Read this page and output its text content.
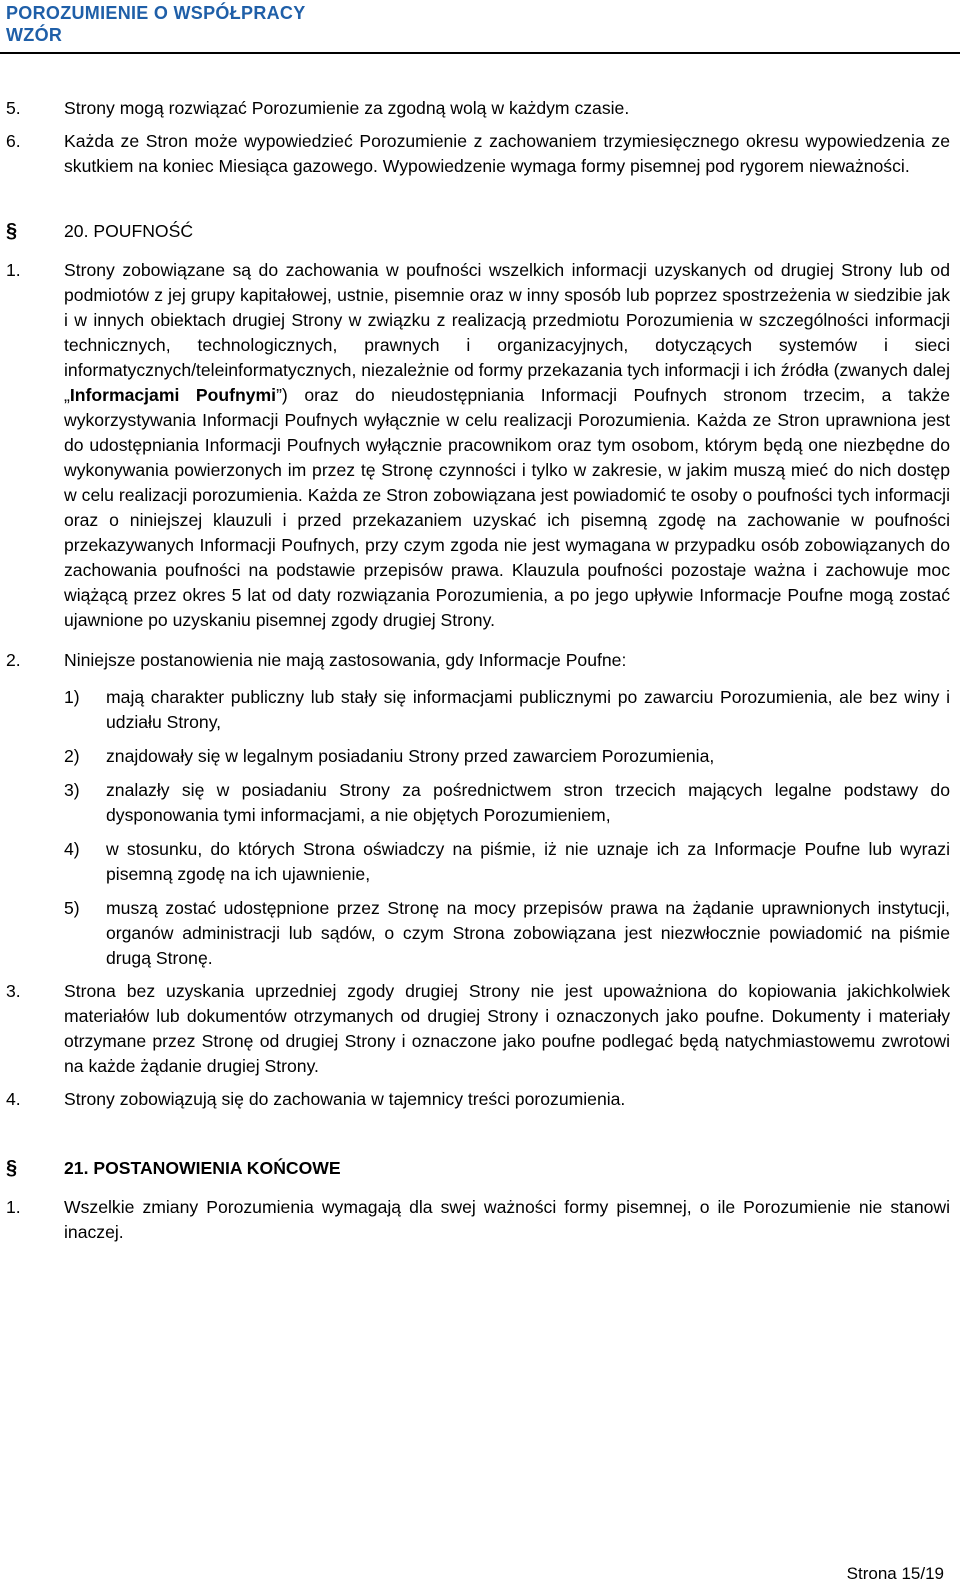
POROZUMIENIE O WSPÓŁPRACY
WZÓR
5.	Strony mogą rozwiązać Porozumienie za zgodną wolą w każdym czasie.
6.	Każda ze Stron może wypowiedzieć Porozumienie z zachowaniem trzymiesięcznego okresu wypowiedzenia ze skutkiem na koniec Miesiąca gazowego. Wypowiedzenie wymaga formy pisemnej pod rygorem nieważności.
§	20. POUFNOŚĆ
1.	Strony zobowiązane są do zachowania w poufności wszelkich informacji uzyskanych od drugiej Strony lub od podmiotów z jej grupy kapitałowej, ustnie, pisemnie oraz w inny sposób lub poprzez spostrzeżenia w siedzibie jak i w innych obiektach drugiej Strony w związku z realizacją przedmiotu Porozumienia w szczególności informacji technicznych, technologicznych, prawnych i organizacyjnych, dotyczących systemów i sieci informatycznych/teleinformatycznych, niezależnie od formy przekazania tych informacji i ich źródła (zwanych dalej „Informacjami Poufnymi”) oraz do nieudostępniania Informacji Poufnych stronom trzecim, a także wykorzystywania Informacji Poufnych wyłącznie w celu realizacji Porozumienia. Każda ze Stron uprawniona jest do udostępniania Informacji Poufnych wyłącznie pracownikom oraz tym osobom, którym będą one niezbędne do wykonywania powierzonych im przez tę Stronę czynności i tylko w zakresie, w jakim muszą mieć do nich dostęp w celu realizacji porozumienia. Każda ze Stron zobowiązana jest powiadomić te osoby o poufności tych informacji oraz o niniejszej klauzuli i przed przekazaniem uzyskać ich pisemną zgodę na zachowanie w poufności przekazywanych Informacji Poufnych, przy czym zgoda nie jest wymagana w przypadku osób zobowiązanych do zachowania poufności na podstawie przepisów prawa. Klauzula poufności pozostaje ważna i zachowuje moc wiążącą przez okres 5 lat od daty rozwiązania Porozumienia, a po jego upływie Informacje Poufne mogą zostać ujawnione po uzyskaniu pisemnej zgody drugiej Strony.
2.	Niniejsze postanowienia nie mają zastosowania, gdy Informacje Poufne:
1)	mają charakter publiczny lub stały się informacjami publicznymi po zawarciu Porozumienia, ale bez winy i udziału Strony,
2)	znajdowały się w legalnym posiadaniu Strony przed zawarciem Porozumienia,
3)	znalazły się w posiadaniu Strony za pośrednictwem stron trzecich mających legalne podstawy do dysponowania tymi informacjami, a nie objętych Porozumieniem,
4)	w stosunku, do których Strona oświadczy na piśmie, iż nie uznaje ich za Informacje Poufne lub wyrazi pisemną zgodę na ich ujawnienie,
5)	muszą zostać udostępnione przez Stronę na mocy przepisów prawa na żądanie uprawnionych instytucji, organów administracji lub sądów, o czym Strona zobowiązana jest niezwłocznie powiadomić na piśmie drugą Stronę.
3.	Strona bez uzyskania uprzedniej zgody drugiej Strony nie jest upoważniona do kopiowania jakichkolwiek materiałów lub dokumentów otrzymanych od drugiej Strony i oznaczonych jako poufne. Dokumenty i materiały otrzymane przez Stronę od drugiej Strony i oznaczone jako poufne podlegać będą natychmiastowemu zwrotowi na każde żądanie drugiej Strony.
4.	Strony zobowiązują się do zachowania w tajemnicy treści porozumienia.
§	21. POSTANOWIENIA KOŃCOWE
1.	Wszelkie zmiany Porozumienia wymagają dla swej ważności formy pisemnej, o ile Porozumienie nie stanowi inaczej.
Strona 15/19
